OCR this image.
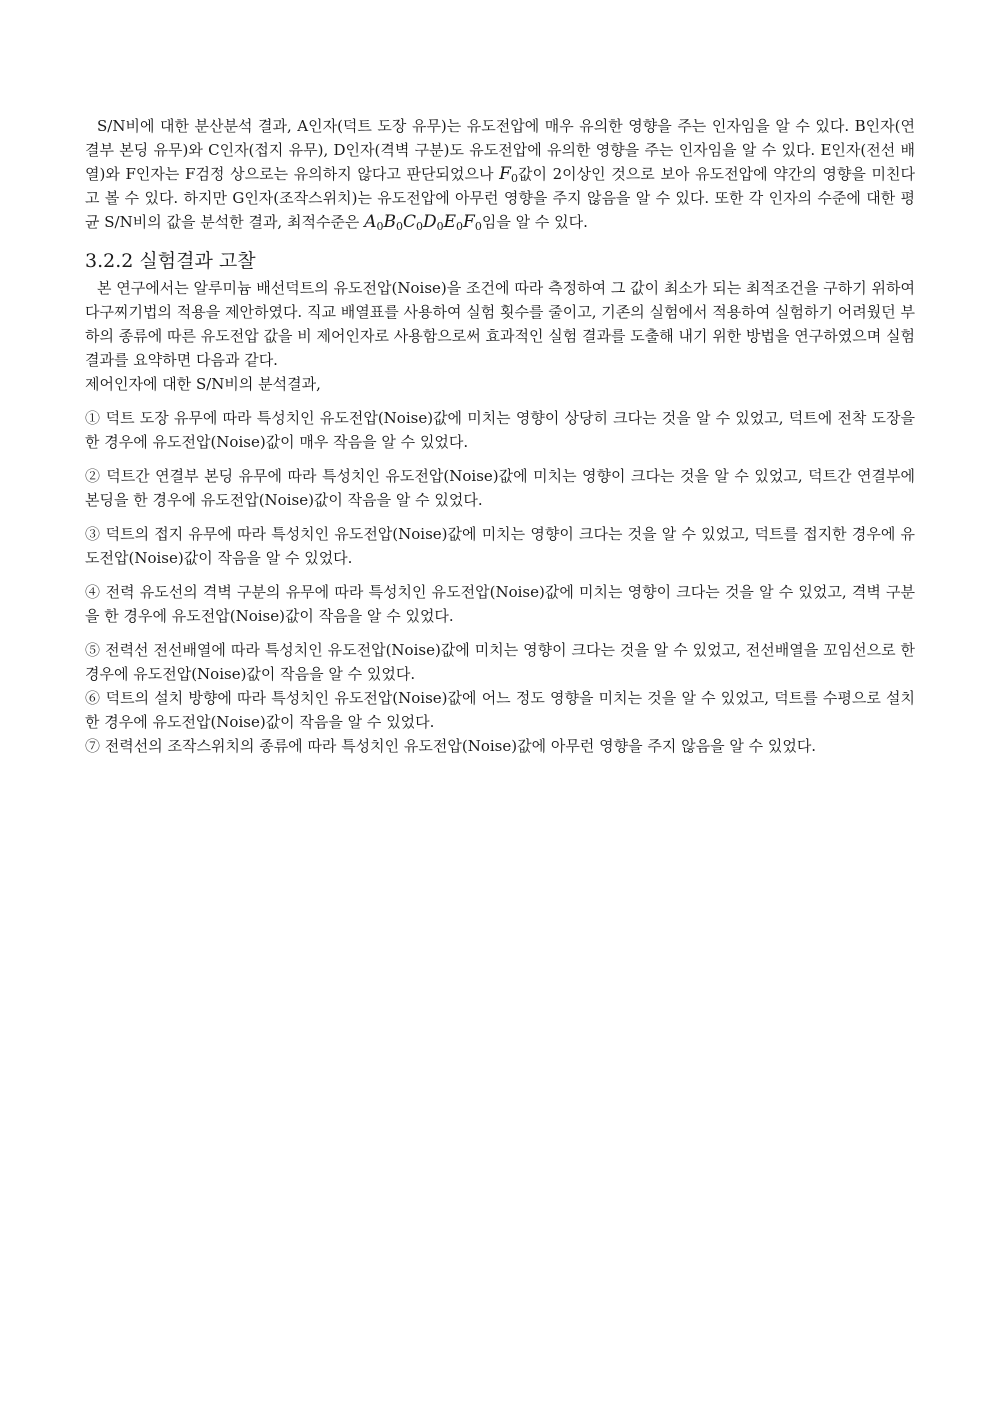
S/N비에 대한 분산분석 결과, A인자(덕트 도장 유무)는 유도전압에 매우 유의한 영향을 주는 인자임을 알 수 있다. B인자(연결부 본딩 유무)와 C인자(접지 유무), D인자(격벽 구분)도 유도전압에 유의한 영향을 주는 인자임을 알 수 있다. E인자(전선 배열)와 F인자는 F검정 상으로는 유의하지 않다고 판단되었으나 $F_0$값이 2이상인 것으로 보아 유도전압에 약간의 영향을 미친다고 볼 수 있다. 하지만 G인자(조작스위치)는 유도전압에 아무런 영향을 주지 않음을 알 수 있다. 또한 각 인자의 수준에 대한 평균 S/N비의 값을 분석한 결과, 최적수준은 $A_0B_0C_0D_0E_0F_0$임을 알 수 있다.

3.2.2 실험결과 고찰

본 연구에서는 알루미늄 배선덕트의 유도전압(Noise)을 조건에 따라 측정하여 그 값이 최소가 되는 최적조건을 구하기 위하여 다구찌기법의 적용을 제안하였다. 직교 배열표를 사용하여 실험 횟수를 줄이고, 기존의 실험에서 적용하여 실험하기 어려웠던 부하의 종류에 따른 유도전압 값을 비 제어인자로 사용함으로써 효과적인 실험 결과를 도출해 내기 위한 방법을 연구하였으며 실험 결과를 요약하면 다음과 같다.

제어인자에 대한 S/N비의 분석결과,

① 덕트 도장 유무에 따라 특성치인 유도전압(Noise)값에 미치는 영향이 상당히 크다는 것을 알 수 있었고, 덕트에 전착 도장을 한 경우에 유도전압(Noise)값이 매우 작음을 알 수 있었다.

② 덕트간 연결부 본딩 유무에 따라 특성치인 유도전압(Noise)값에 미치는 영향이 크다는 것을 알 수 있었고, 덕트간 연결부에 본딩을 한 경우에 유도전압(Noise)값이 작음을 알 수 있었다.

③ 덕트의 접지 유무에 따라 특성치인 유도전압(Noise)값에 미치는 영향이 크다는 것을 알 수 있었고, 덕트를 접지한 경우에 유도전압(Noise)값이 작음을 알 수 있었다.

④ 전력 유도선의 격벽 구분의 유무에 따라 특성치인 유도전압(Noise)값에 미치는 영향이 크다는 것을 알 수 있었고, 격벽 구분을 한 경우에 유도전압(Noise)값이 작음을 알 수 있었다.

⑤ 전력선 전선배열에 따라 특성치인 유도전압(Noise)값에 미치는 영향이 크다는 것을 알 수 있었고, 전선배열을 꼬임선으로 한 경우에 유도전압(Noise)값이 작음을 알 수 있었다.

⑥ 덕트의 설치 방향에 따라 특성치인 유도전압(Noise)값에 어느 정도 영향을 미치는 것을 알 수 있었고, 덕트를 수평으로 설치 한 경우에 유도전압(Noise)값이 작음을 알 수 있었다.

⑦ 전력선의 조작스위치의 종류에 따라 특성치인 유도전압(Noise)값에 아무런 영향을 주지 않음을 알 수 있었다.
